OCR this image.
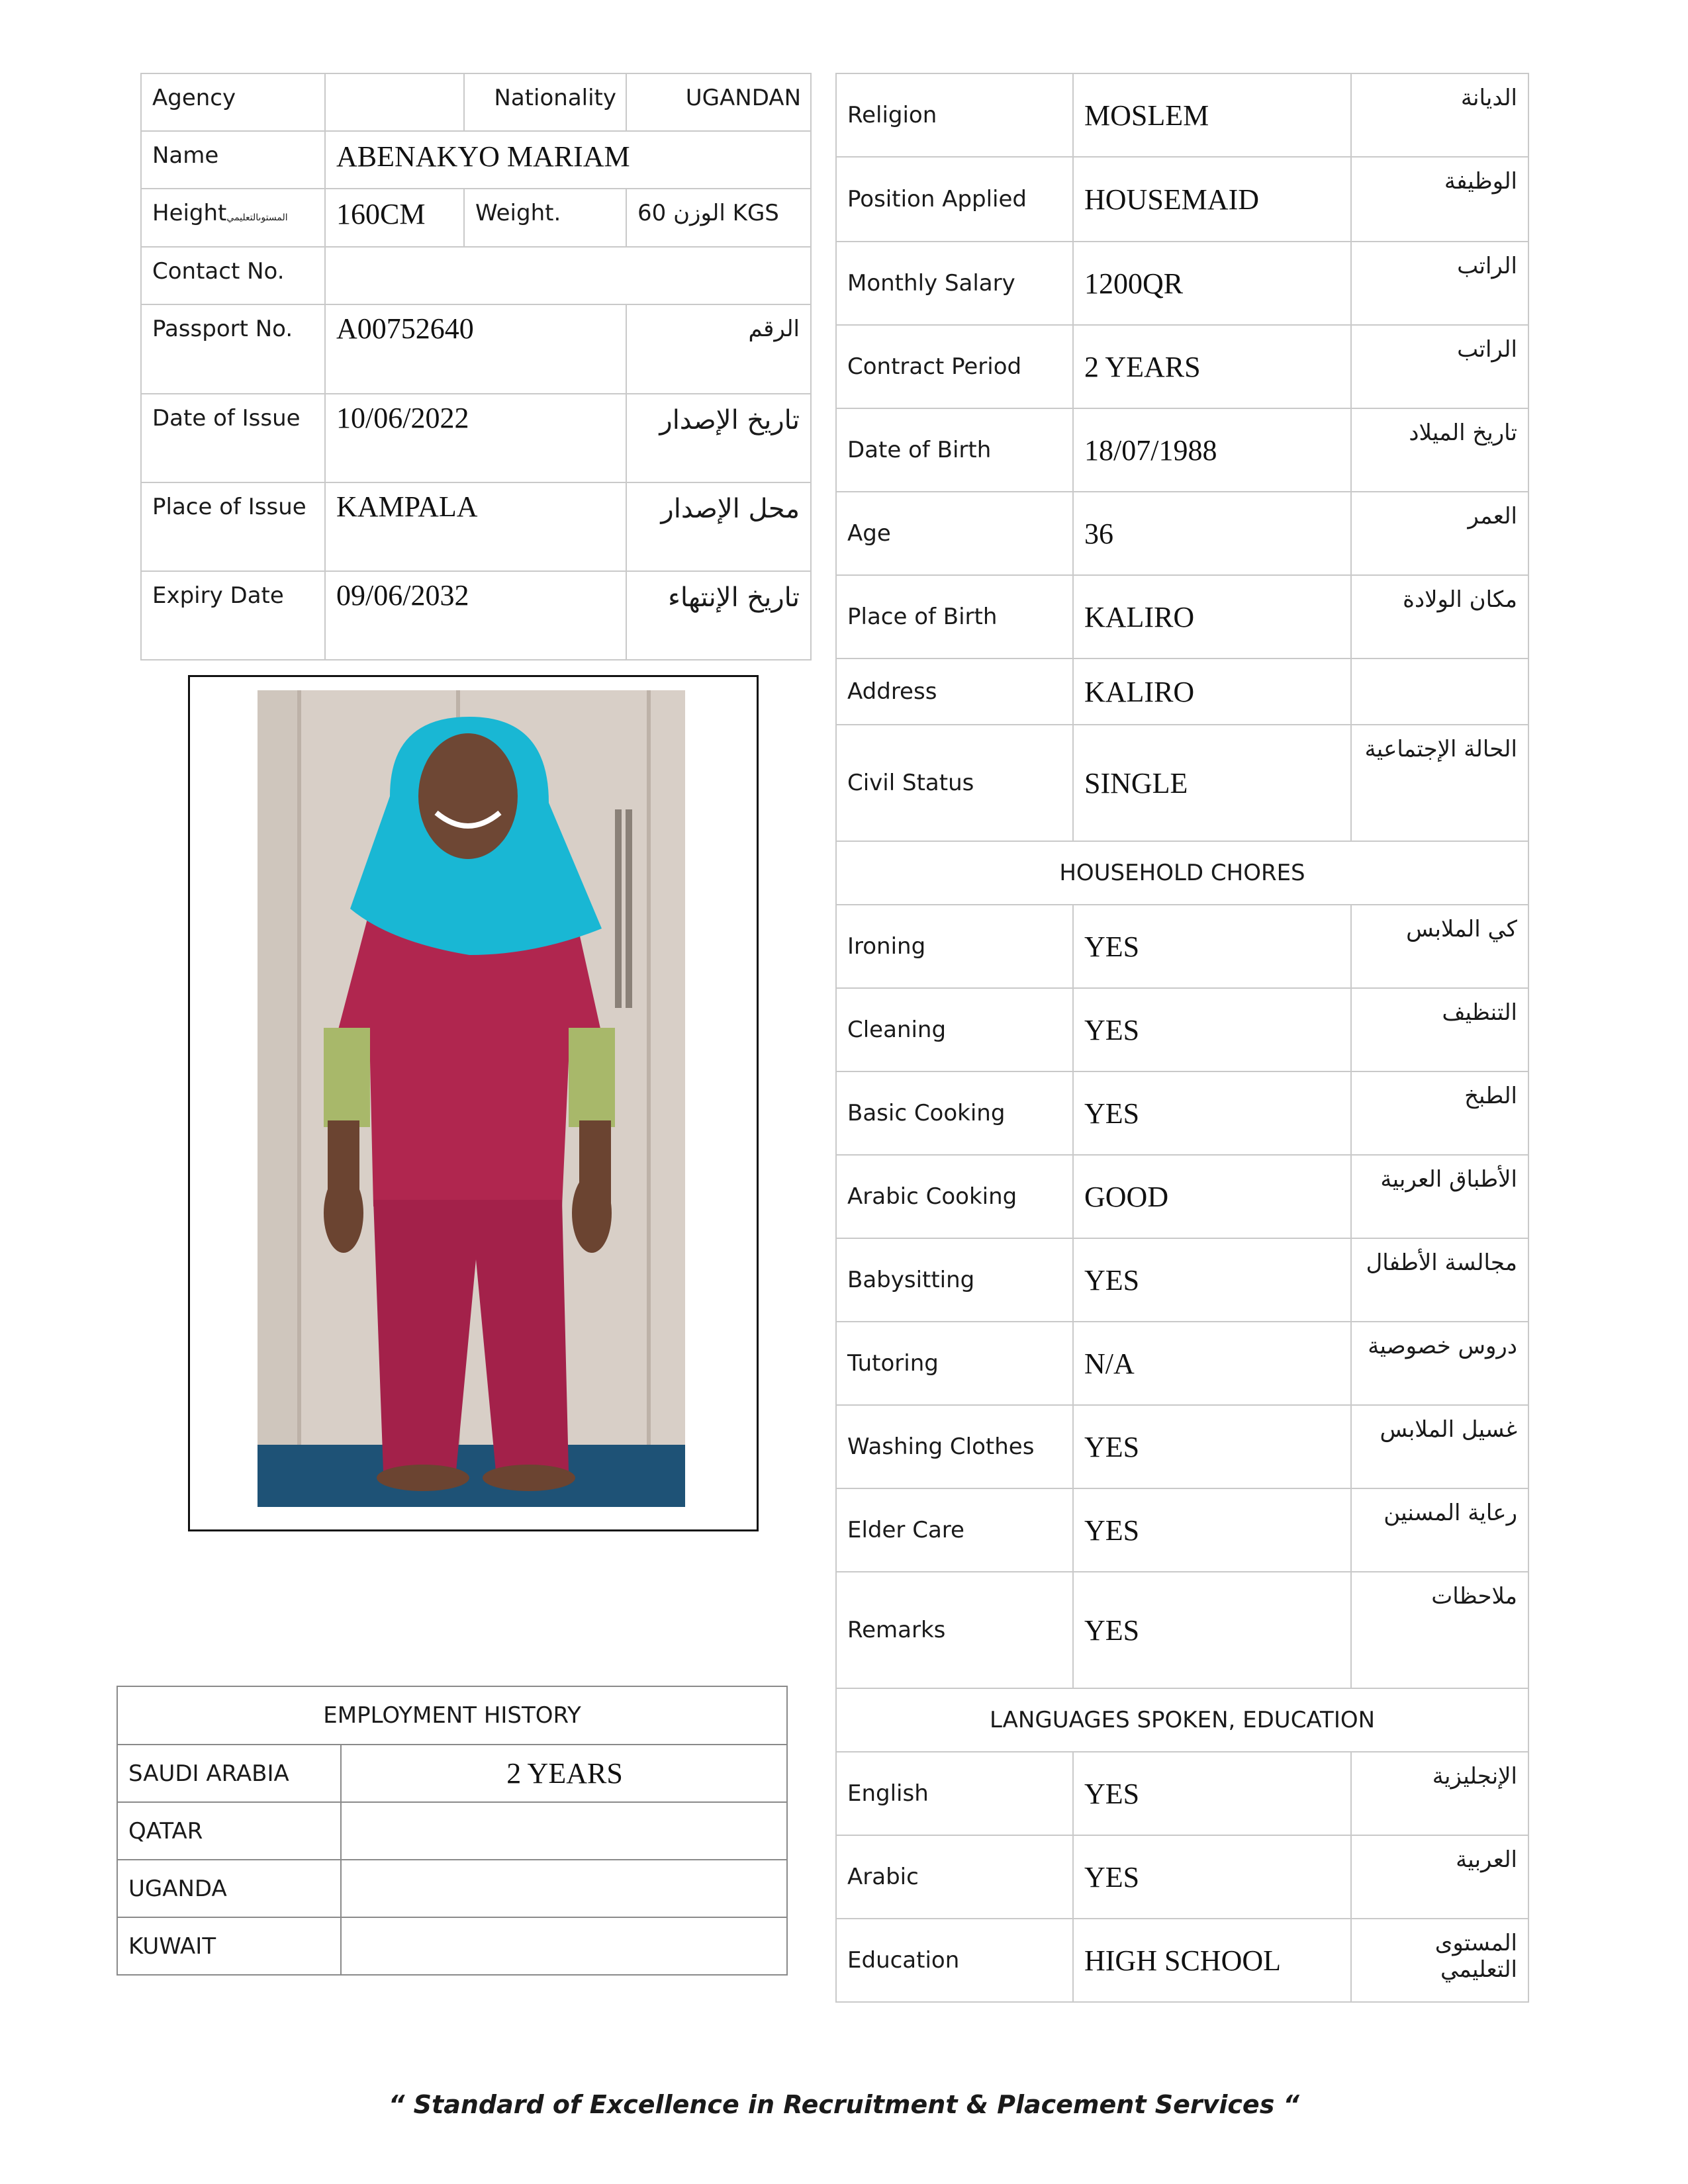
Agency		Nationality	UGANDAN
Name	ABENAKYO MARIAM		
Heightالمستوىالتعليمي	160CM	Weight.	60 الوزن KGS
Contact No.			
Passport No.	A00752640		الرقم
Date of Issue	10/06/2022		تاريخ الإصدار
Place of Issue	KAMPALA		محل الإصدار
Expiry Date	09/06/2032		تاريخ الإنتهاء
Religion	MOSLEM	الديانة
Position Applied	HOUSEMAID	الوظيفة
Monthly Salary	1200QR	الراتب
Contract Period	2 YEARS	الراتب
Date of Birth	18/07/1988	تاريخ الميلاد
Age	36	العمر
Place of Birth	KALIRO	مكان الولادة
Address	KALIRO	
Civil Status	SINGLE	الحالة الإجتماعية
HOUSEHOLD CHORES		
Ironing	YES	كي الملابس
Cleaning	YES	التنظيف
Basic Cooking	YES	الطبخ
Arabic Cooking	GOOD	الأطباق العربية
Babysitting	YES	مجالسة الأطفال
Tutoring	N/A	دروس خصوصية
Washing Clothes	YES	غسيل الملابس
Elder Care	YES	رعاية المسنين
Remarks	YES	ملاحظات
LANGUAGES SPOKEN, EDUCATION		
English	YES	الإنجليزية
Arabic	YES	العربية
Education	HIGH SCHOOL	المستوى التعليمي
EMPLOYMENT HISTORY	
SAUDI ARABIA	2 YEARS
QATAR	
UGANDA	
KUWAIT	
“ Standard of Excellence in Recruitment & Placement Services “
